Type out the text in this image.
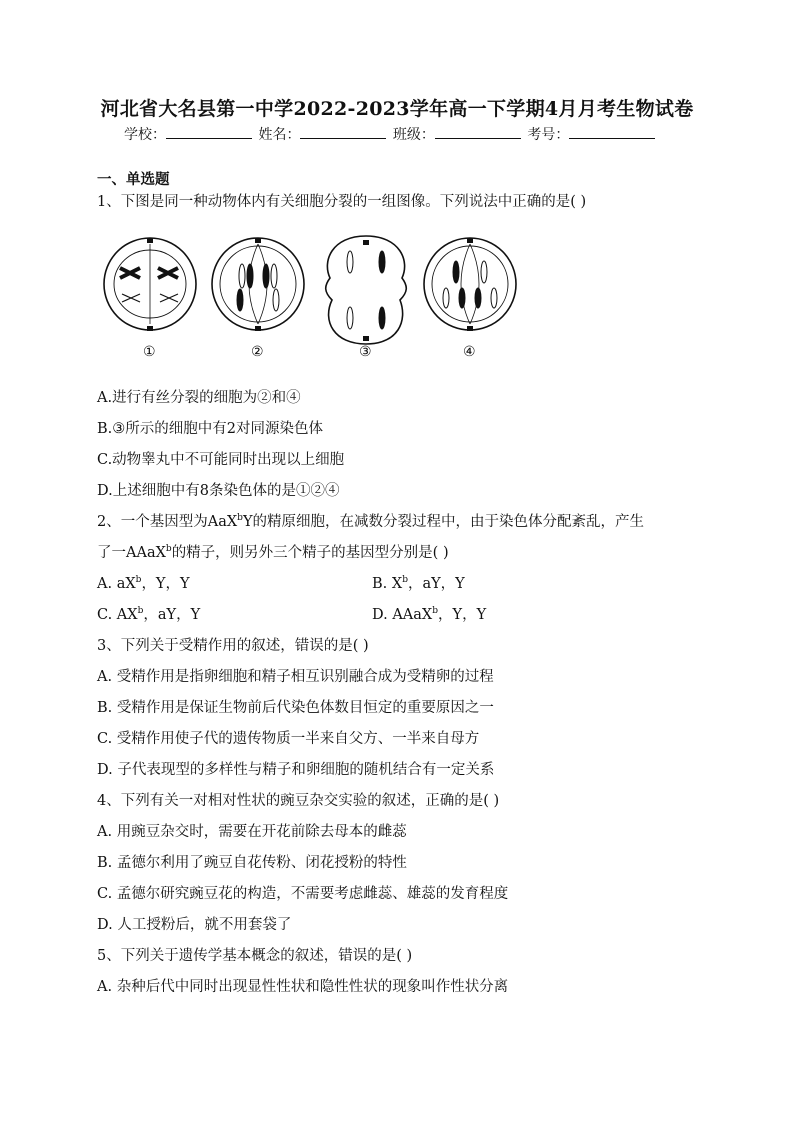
河北省大名县第一中学2022-2023学年高一下学期4月月考生物试卷
学校：	姓名：	班级：	考号：
一、单选题
1、下图是同一种动物体内有关细胞分裂的一组图像。下列说法中正确的是( )
①	②	③	④
A.进行有丝分裂的细胞为②和④
B.③所示的细胞中有2对同源染色体
C.动物睾丸中不可能同时出现以上细胞
D.上述细胞中有8条染色体的是①②④
2、一个基因型为AaX$^b$Y的精原细胞，在减数分裂过程中，由于染色体分配紊乱，产生
了一AAaX$^b$的精子，则另外三个精子的基因型分别是( )
A. $aX^b$，Y，Y	B. $X^b$，aY，Y
C. $AX^b$，aY，Y	D. AAaX$^b$，Y，Y
3、下列关于受精作用的叙述，错误的是( )
A. 受精作用是指卵细胞和精子相互识别融合成为受精卵的过程
B. 受精作用是保证生物前后代染色体数目恒定的重要原因之一
C. 受精作用使子代的遗传物质一半来自父方、一半来自母方
D. 子代表现型的多样性与精子和卵细胞的随机结合有一定关系
4、下列有关一对相对性状的豌豆杂交实验的叙述，正确的是( )
A. 用豌豆杂交时，需要在开花前除去母本的雌蕊
B. 孟德尔利用了豌豆自花传粉、闭花授粉的特性
C. 孟德尔研究豌豆花的构造，不需要考虑雌蕊、雄蕊的发育程度
D. 人工授粉后，就不用套袋了
5、下列关于遗传学基本概念的叙述，错误的是( )
A. 杂种后代中同时出现显性性状和隐性性状的现象叫作性状分离
